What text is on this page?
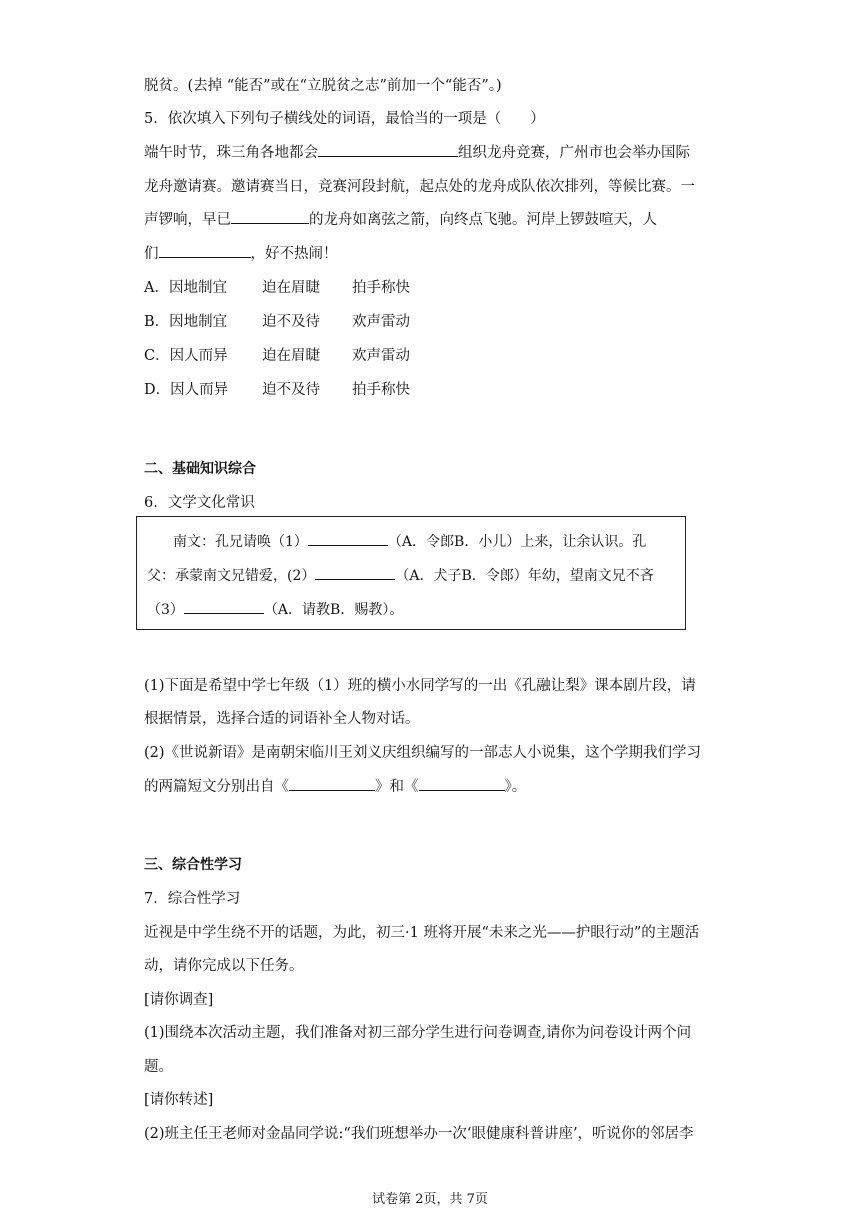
脱贫。(去掉 “能否”或在“立脱贫之志”前加一个“能否”。)
5．依次填入下列句子横线处的词语，最恰当的一项是（　　）
端午时节，珠三角各地都会	组织龙舟竞赛，广州市也会举办国际
龙舟邀请赛。邀请赛当日，竞赛河段封航，起点处的龙舟成队依次排列，等候比赛。一
声锣响，早已	的龙舟如离弦之箭，向终点飞驰。河岸上锣鼓喧天，人
们	，好不热闹！
A．因地制宜 迫在眉睫 拍手称快
B．因地制宜 迫不及待 欢声雷动
C．因人而异 迫在眉睫 欢声雷动
D．因人而异 迫不及待 拍手称快
二、基础知识综合
6．文学文化常识
南文：孔兄请唤（1）	（A．令郎B．小儿）上来，让余认识。孔
父：承蒙南文兄错爱，(2）	（A．犬子B．令郎）年幼，望南文兄不吝
（3）	（A．请教B．赐教）。
(1)下面是希望中学七年级（1）班的横小水同学写的一出《孔融让梨》课本剧片段，请
根据情景，选择合适的词语补全人物对话。
(2)《世说新语》是南朝宋临川王刘义庆组织编写的一部志人小说集，这个学期我们学习
的两篇短文分别出自《	》和《	》。
三、综合性学习
7．综合性学习
近视是中学生绕不开的话题，为此，初三·1 班将开展“未来之光——护眼行动”的主题活
动，请你完成以下任务。
[请你调查]
(1)围绕本次活动主题，我们准备对初三部分学生进行问卷调查,请你为问卷设计两个问
题。
[请你转述]
(2)班主任王老师对金晶同学说:“我们班想举办一次‘眼健康科普讲座’，听说你的邻居李
试卷第 2页，共 7页
